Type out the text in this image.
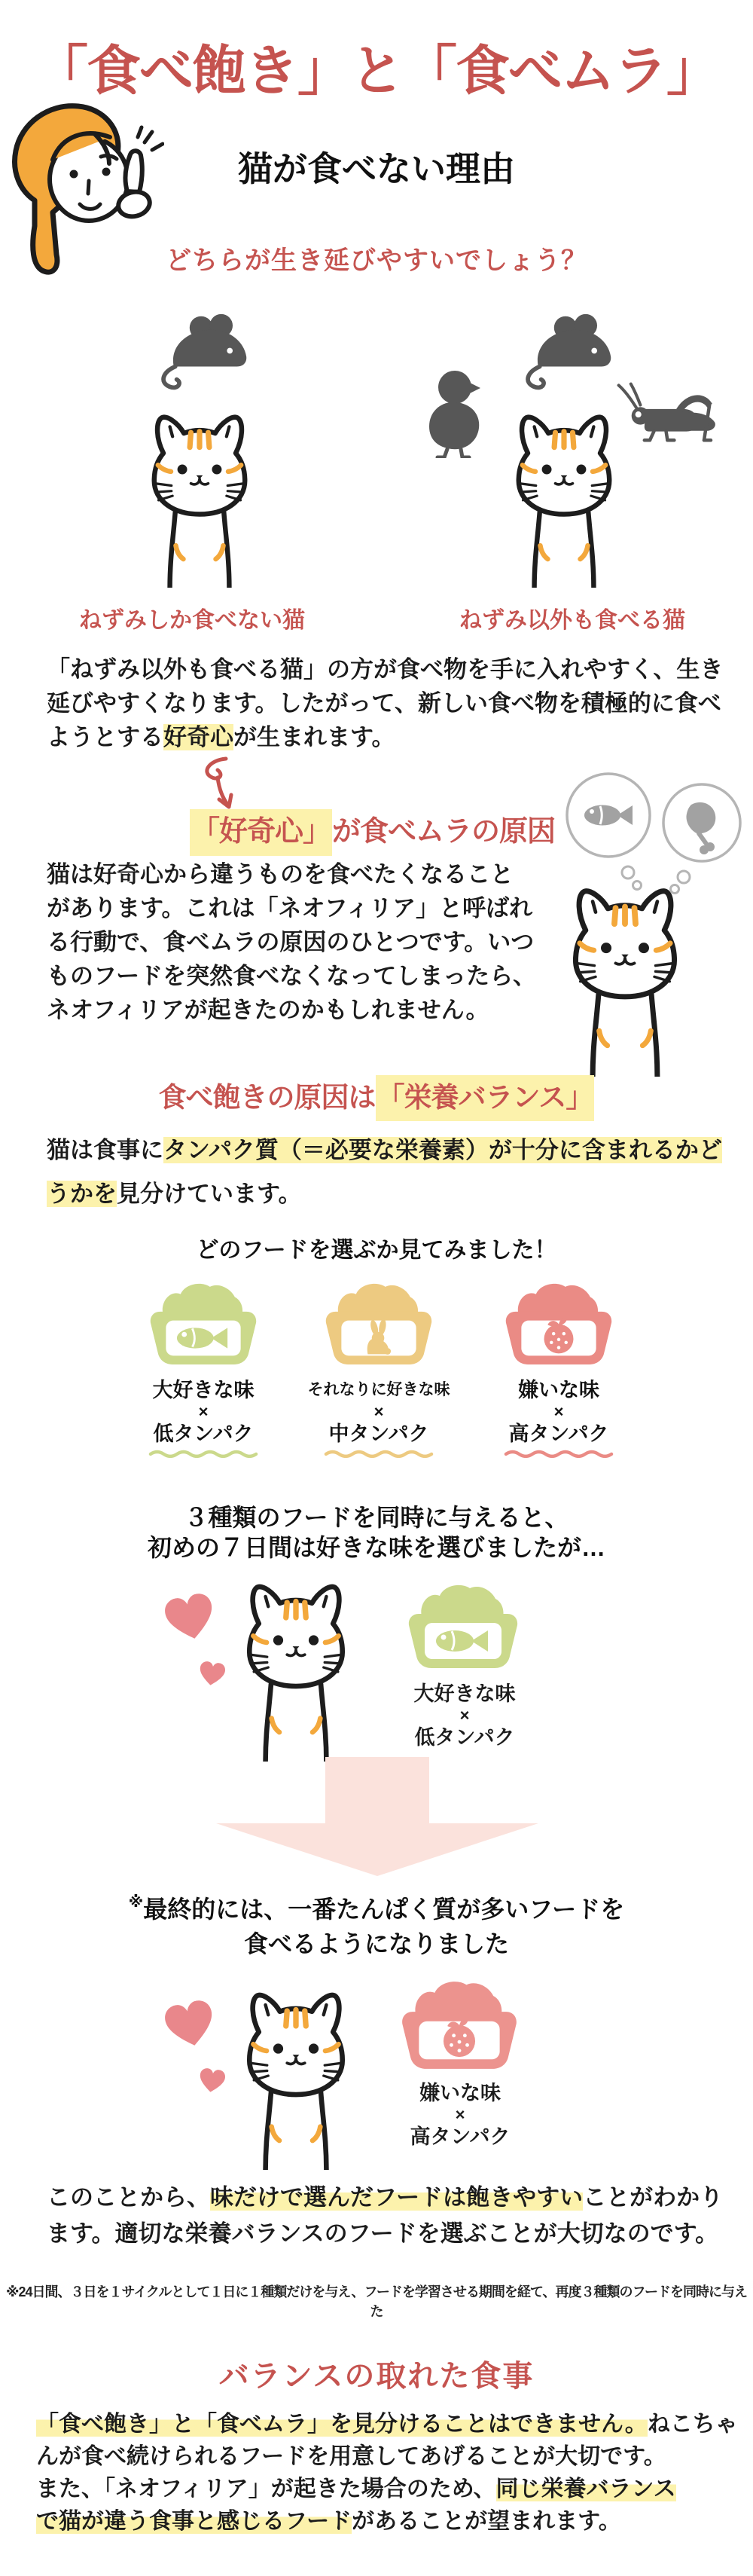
「食べ飽き」と「食べムラ」
猫が食べない理由
どちらが生き延びやすいでしょう？
ねずみしか食べない猫	ねずみ以外も食べる猫
「ねずみ以外も食べる猫」の方が食べ物を手に入れやすく、生き
延びやすくなります。したがって、新しい食べ物を積極的に食べ
ようとする好奇心が生まれます。
「好奇心」が食べムラの原因
猫は好奇心から違うものを食べたくなること
があります。これは「ネオフィリア」と呼ばれ
る行動で、食べムラの原因のひとつです。いつ
ものフードを突然食べなくなってしまったら、
ネオフィリアが起きたのかもしれません。
食べ飽きの原因は「栄養バランス」
猫は食事にタンパク質（＝必要な栄養素）が十分に含まれるかど
うかを見分けています。
どのフードを選ぶか見てみました！
大好きな味
×
低タンパク
それなりに好きな味
×
中タンパク
嫌いな味
×
高タンパク
３種類のフードを同時に与えると、
初めの７日間は好きな味を選びましたが…
大好きな味
×
低タンパク
※最終的には、一番たんぱく質が多いフードを
食べるようになりました
嫌いな味
×
高タンパク
このことから、味だけで選んだフードは飽きやすいことがわかり
ます。適切な栄養バランスのフードを選ぶことが大切なのです。
※24日間、３日を１サイクルとして１日に１種類だけを与え、フードを学習させる期間を経て、再度３種類のフードを同時に与えた
バランスの取れた食事
「食べ飽き」と「食べムラ」を見分けることはできません。ねこちゃ
んが食べ続けられるフードを用意してあげることが大切です。
また、「ネオフィリア」が起きた場合のため、同じ栄養バランス
で猫が違う食事と感じるフードがあることが望まれます。
